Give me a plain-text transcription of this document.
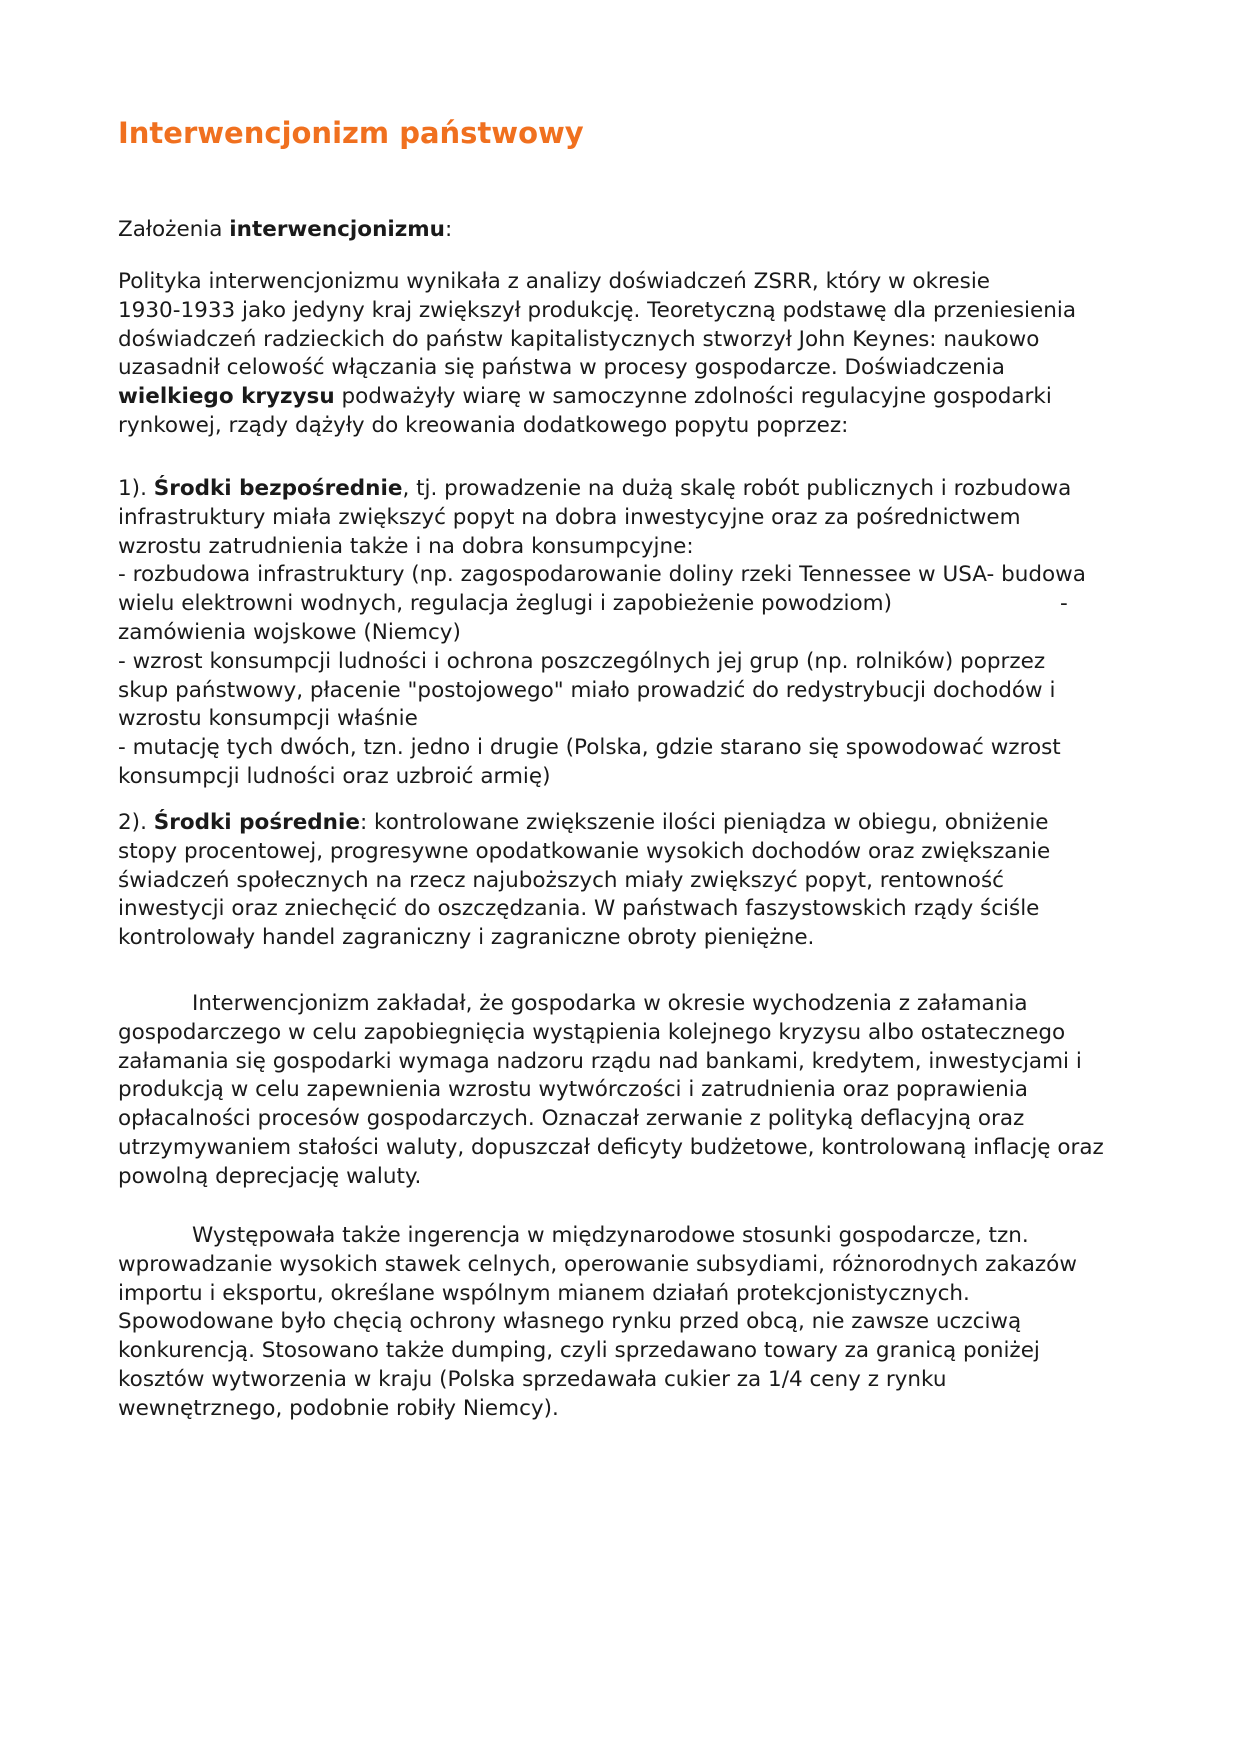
Interwencjonizm państwowy

Założenia interwencjonizmu:

Polityka interwencjonizmu wynikała z analizy doświadczeń ZSRR, który w okresie
1930-1933 jako jedyny kraj zwiększył produkcję. Teoretyczną podstawę dla przeniesienia
doświadczeń radzieckich do państw kapitalistycznych stworzył John Keynes: naukowo
uzasadnił celowość włączania się państwa w procesy gospodarcze. Doświadczenia
wielkiego kryzysu podważyły wiarę w samoczynne zdolności regulacyjne gospodarki
rynkowej, rządy dążyły do kreowania dodatkowego popytu poprzez:

1). Środki bezpośrednie, tj. prowadzenie na dużą skalę robót publicznych i rozbudowa
infrastruktury miała zwiększyć popyt na dobra inwestycyjne oraz za pośrednictwem
wzrostu zatrudnienia także i na dobra konsumpcyjne:
- rozbudowa infrastruktury (np. zagospodarowanie doliny rzeki Tennessee w USA- budowa
wielu elektrowni wodnych, regulacja żeglugi i zapobieżenie powodziom)	-
zamówienia wojskowe (Niemcy)
- wzrost konsumpcji ludności i ochrona poszczególnych jej grup (np. rolników) poprzez
skup państwowy, płacenie "postojowego" miało prowadzić do redystrybucji dochodów i
wzrostu konsumpcji właśnie
- mutację tych dwóch, tzn. jedno i drugie (Polska, gdzie starano się spowodować wzrost
konsumpcji ludności oraz uzbroić armię)

2). Środki pośrednie: kontrolowane zwiększenie ilości pieniądza w obiegu, obniżenie
stopy procentowej, progresywne opodatkowanie wysokich dochodów oraz zwiększanie
świadczeń społecznych na rzecz najuboższych miały zwiększyć popyt, rentowność
inwestycji oraz zniechęcić do oszczędzania. W państwach faszystowskich rządy ściśle
kontrolowały handel zagraniczny i zagraniczne obroty pieniężne.

Interwencjonizm zakładał, że gospodarka w okresie wychodzenia z załamania
gospodarczego w celu zapobiegnięcia wystąpienia kolejnego kryzysu albo ostatecznego
załamania się gospodarki wymaga nadzoru rządu nad bankami, kredytem, inwestycjami i
produkcją w celu zapewnienia wzrostu wytwórczości i zatrudnienia oraz poprawienia
opłacalności procesów gospodarczych. Oznaczał zerwanie z polityką deflacyjną oraz
utrzymywaniem stałości waluty, dopuszczał deficyty budżetowe, kontrolowaną inflację oraz
powolną deprecjację waluty.

Występowała także ingerencja w międzynarodowe stosunki gospodarcze, tzn.
wprowadzanie wysokich stawek celnych, operowanie subsydiami, różnorodnych zakazów
importu i eksportu, określane wspólnym mianem działań protekcjonistycznych.
Spowodowane było chęcią ochrony własnego rynku przed obcą, nie zawsze uczciwą
konkurencją. Stosowano także dumping, czyli sprzedawano towary za granicą poniżej
kosztów wytworzenia w kraju (Polska sprzedawała cukier za 1/4 ceny z rynku
wewnętrznego, podobnie robiły Niemcy).
